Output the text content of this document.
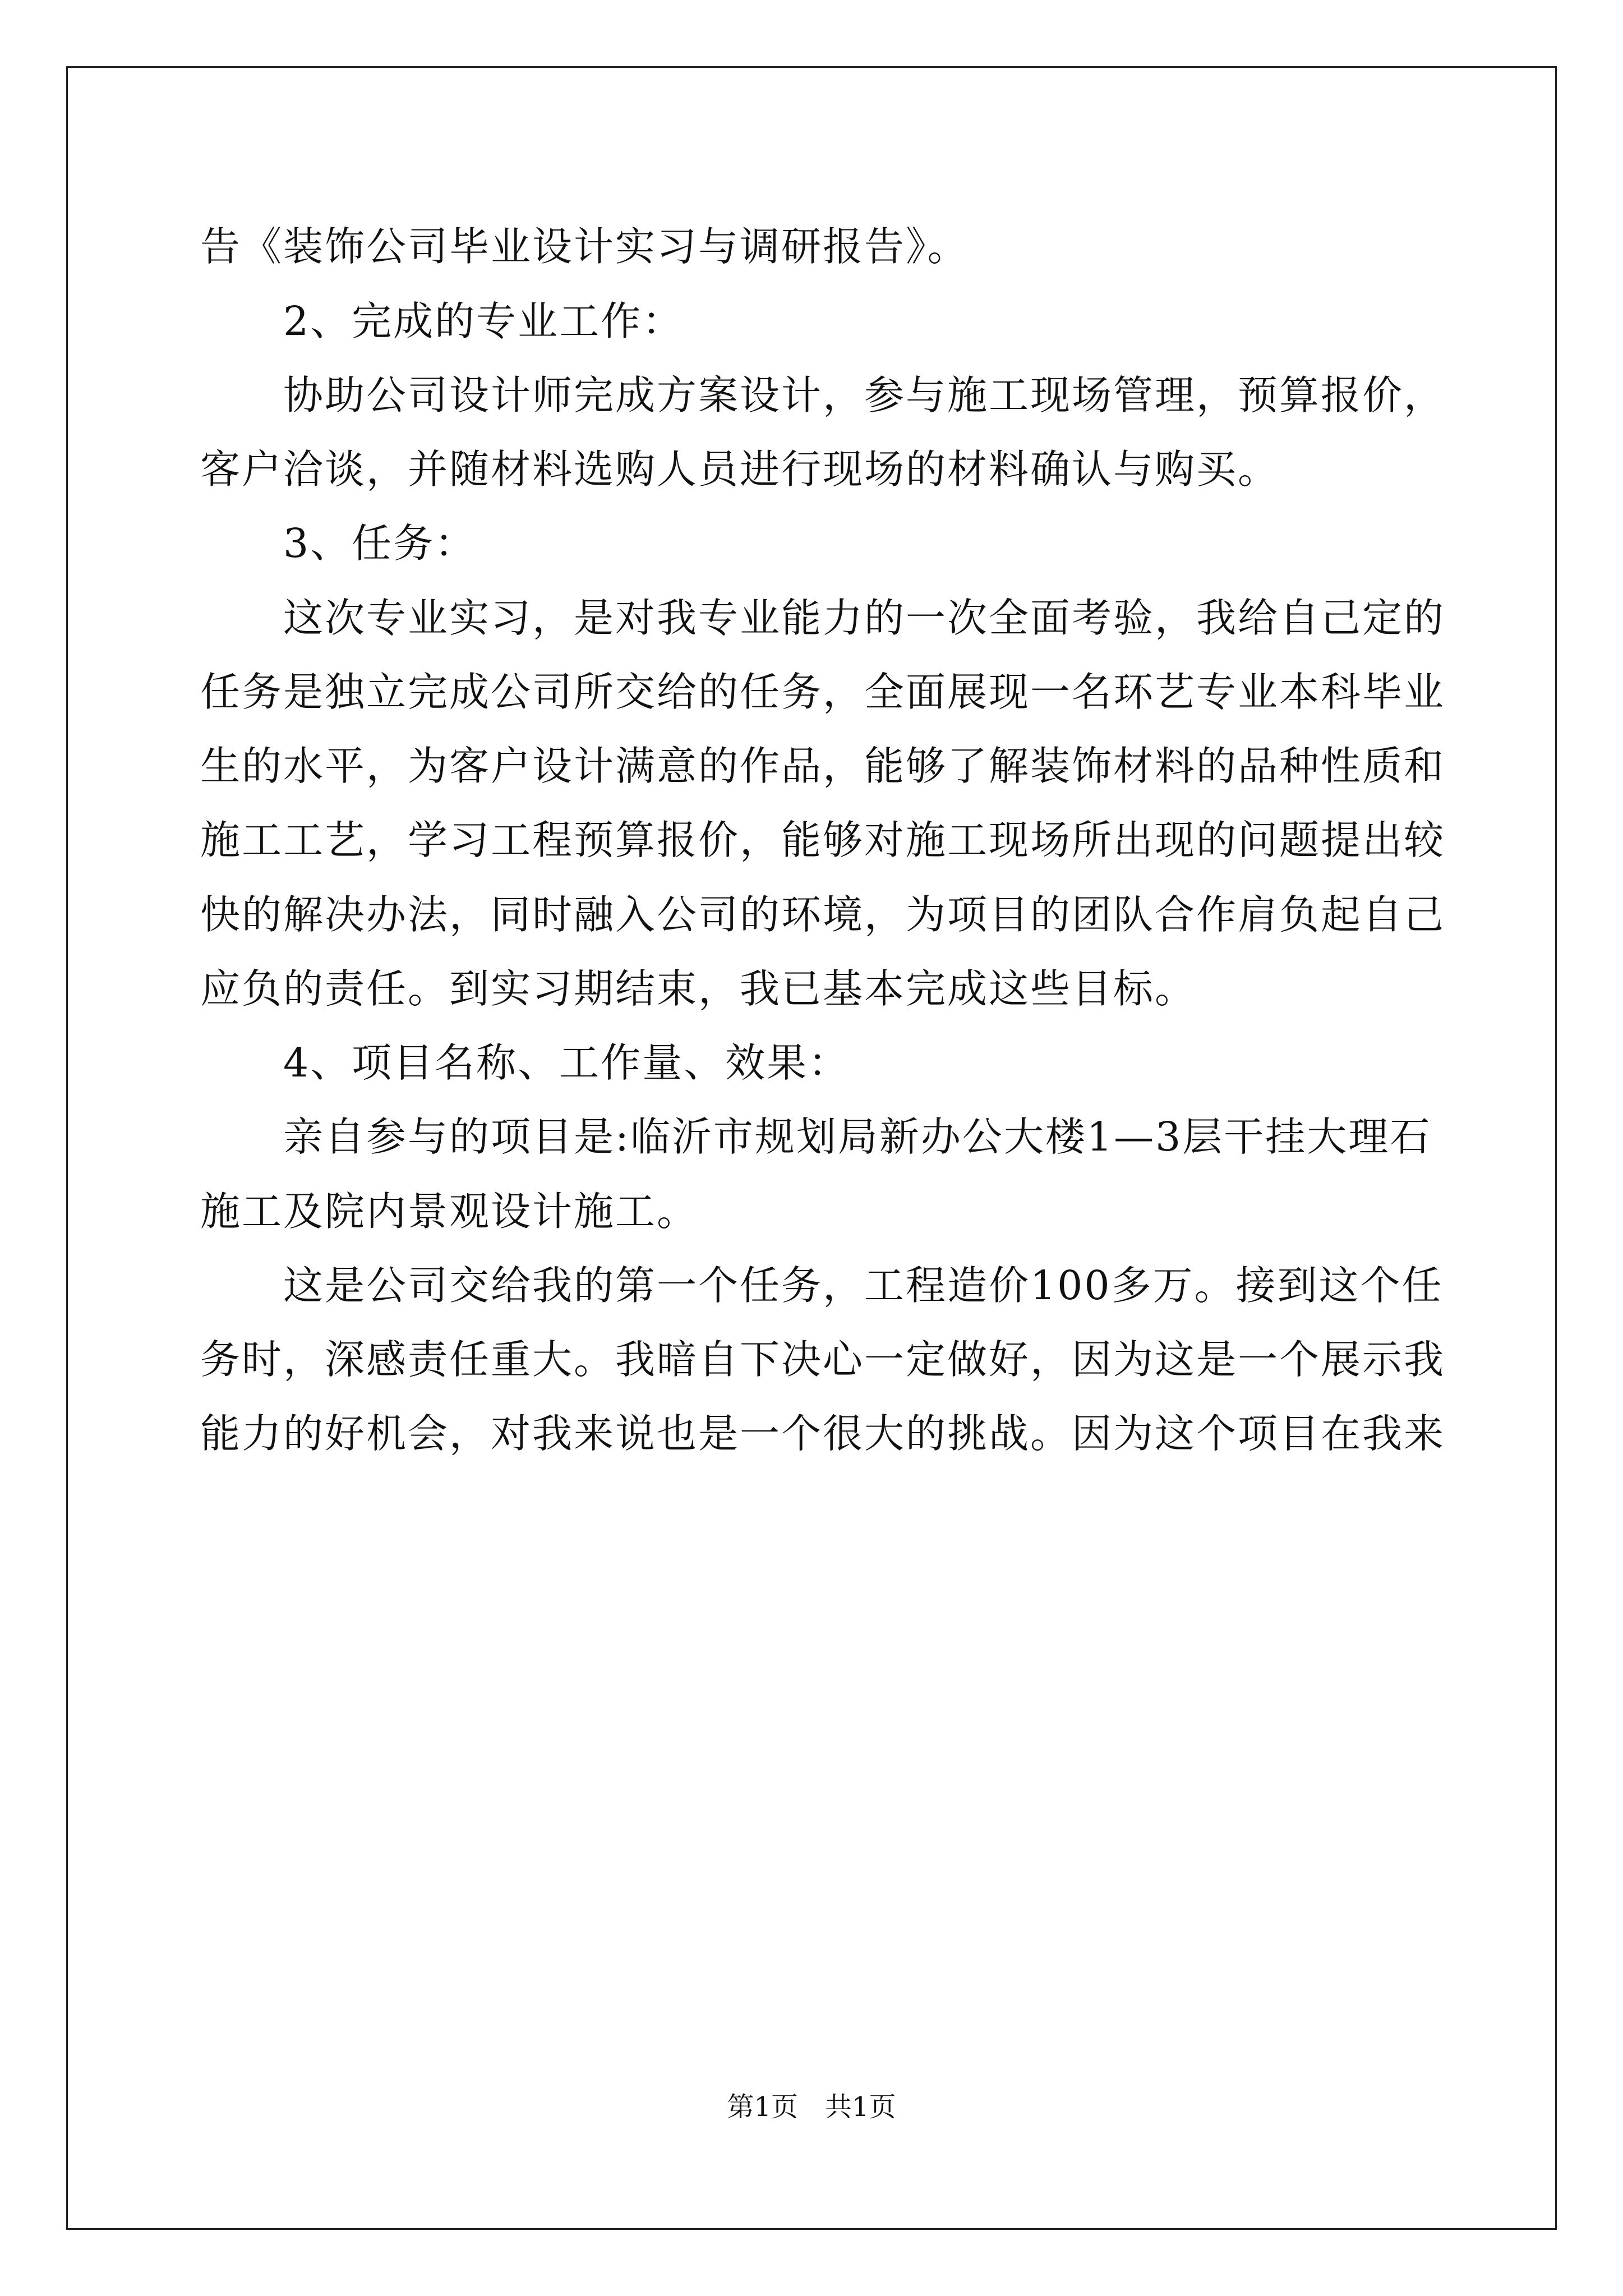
告《装饰公司毕业设计实习与调研报告》。
　　2、完成的专业工作：
　　协助公司设计师完成方案设计，参与施工现场管理，预算报价，
客户洽谈，并随材料选购人员进行现场的材料确认与购买。
　　3、任务：
　　这次专业实习，是对我专业能力的一次全面考验，我给自己定的
任务是独立完成公司所交给的任务，全面展现一名环艺专业本科毕业
生的水平，为客户设计满意的作品，能够了解装饰材料的品种性质和
施工工艺，学习工程预算报价，能够对施工现场所出现的问题提出较
快的解决办法，同时融入公司的环境，为项目的团队合作肩负起自己
应负的责任。到实习期结束，我已基本完成这些目标。
　　4、项目名称、工作量、效果：
　　亲自参与的项目是:临沂市规划局新办公大楼1—3层干挂大理石
施工及院内景观设计施工。
　　这是公司交给我的第一个任务，工程造价100多万。接到这个任
务时，深感责任重大。我暗自下决心一定做好，因为这是一个展示我
能力的好机会，对我来说也是一个很大的挑战。因为这个项目在我来
第1页　共1页
